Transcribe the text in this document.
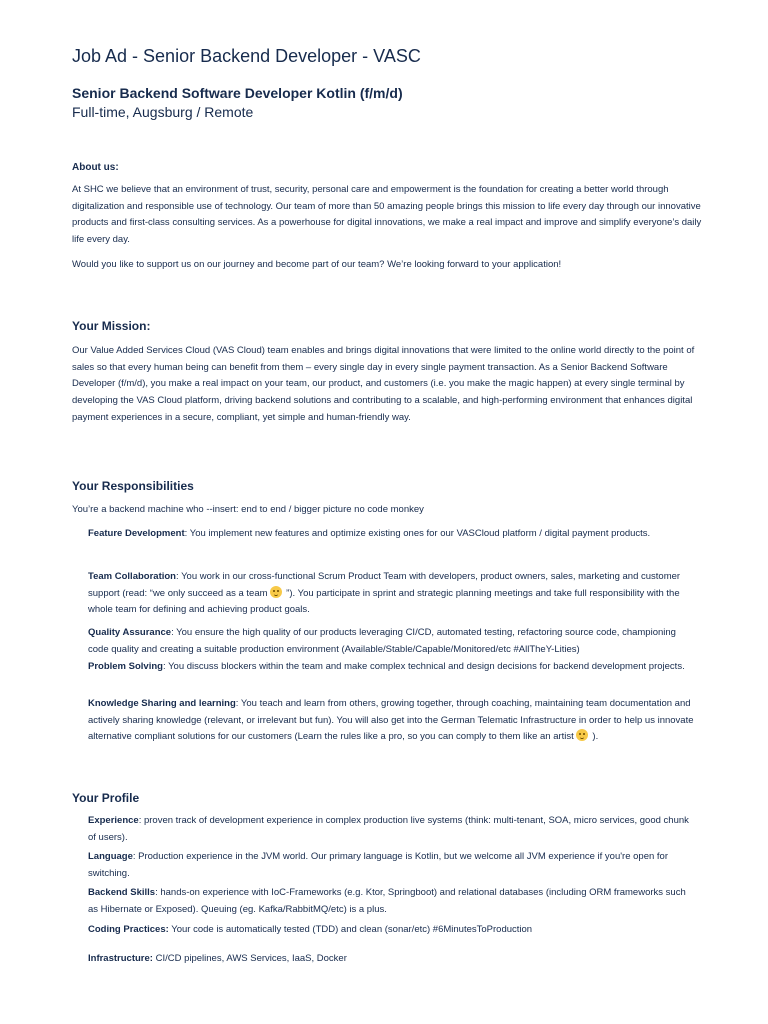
Job Ad - Senior Backend Developer - VASC
Senior Backend Software Developer Kotlin (f/m/d)
Full-time, Augsburg / Remote
About us:
At SHC we believe that an environment of trust, security, personal care and empowerment is the foundation for creating a better world through digitalization and responsible use of technology. Our team of more than 50 amazing people brings this mission to life every day through our innovative products and first-class consulting services. As a powerhouse for digital innovations, we make a real impact and improve and simplify everyone’s daily life every day.
Would you like to support us on our journey and become part of our team? We’re looking forward to your application!
Your Mission:
Our Value Added Services Cloud (VAS Cloud) team enables and brings digital innovations that were limited to the online world directly to the point of sales so that every human being can benefit from them – every single day in every single payment transaction. As a Senior Backend Software Developer (f/m/d), you make a real impact on your team, our product, and customers (i.e. you make the magic happen) at every single terminal by developing the VAS Cloud platform, driving backend solutions and contributing to a scalable, and high-performing environment that enhances digital payment experiences in a secure, compliant, yet simple and human-friendly way.
Your Responsibilities
You’re a backend machine who --insert: end to end / bigger picture no code monkey
Feature Development: You implement new features and optimize existing ones for our VASCloud platform / digital payment products.
Team Collaboration: You work in our cross-functional Scrum Product Team with developers, product owners, sales, marketing and customer support (read: “we only succeed as a team ”). You participate in sprint and strategic planning meetings and take full responsibility with the whole team for defining and achieving product goals.
Quality Assurance: You ensure the high quality of our products leveraging CI/CD, automated testing, refactoring source code, championing code quality and creating a suitable production environment (Available/Stable/Capable/Monitored/etc #AllTheY-Lities)
Problem Solving: You discuss blockers within the team and make complex technical and design decisions for backend development projects.
Knowledge Sharing and learning: You teach and learn from others, growing together, through coaching, maintaining team documentation and actively sharing knowledge (relevant, or irrelevant but fun). You will also get into the German Telematic Infrastructure in order to help us innovate alternative compliant solutions for our customers (Learn the rules like a pro, so you can comply to them like an artist ).
Your Profile
Experience: proven track of development experience in complex production live systems (think: multi-tenant, SOA, micro services, good chunk of users).
Language: Production experience in the JVM world. Our primary language is Kotlin, but we welcome all JVM experience if you're open for switching.
Backend Skills: hands-on experience with IoC-Frameworks (e.g. Ktor, Springboot) and relational databases (including ORM frameworks such as Hibernate or Exposed). Queuing (eg. Kafka/RabbitMQ/etc) is a plus.
Coding Practices: Your code is automatically tested (TDD) and clean (sonar/etc) #6MinutesToProduction
Infrastructure: CI/CD pipelines, AWS Services, IaaS, Docker
